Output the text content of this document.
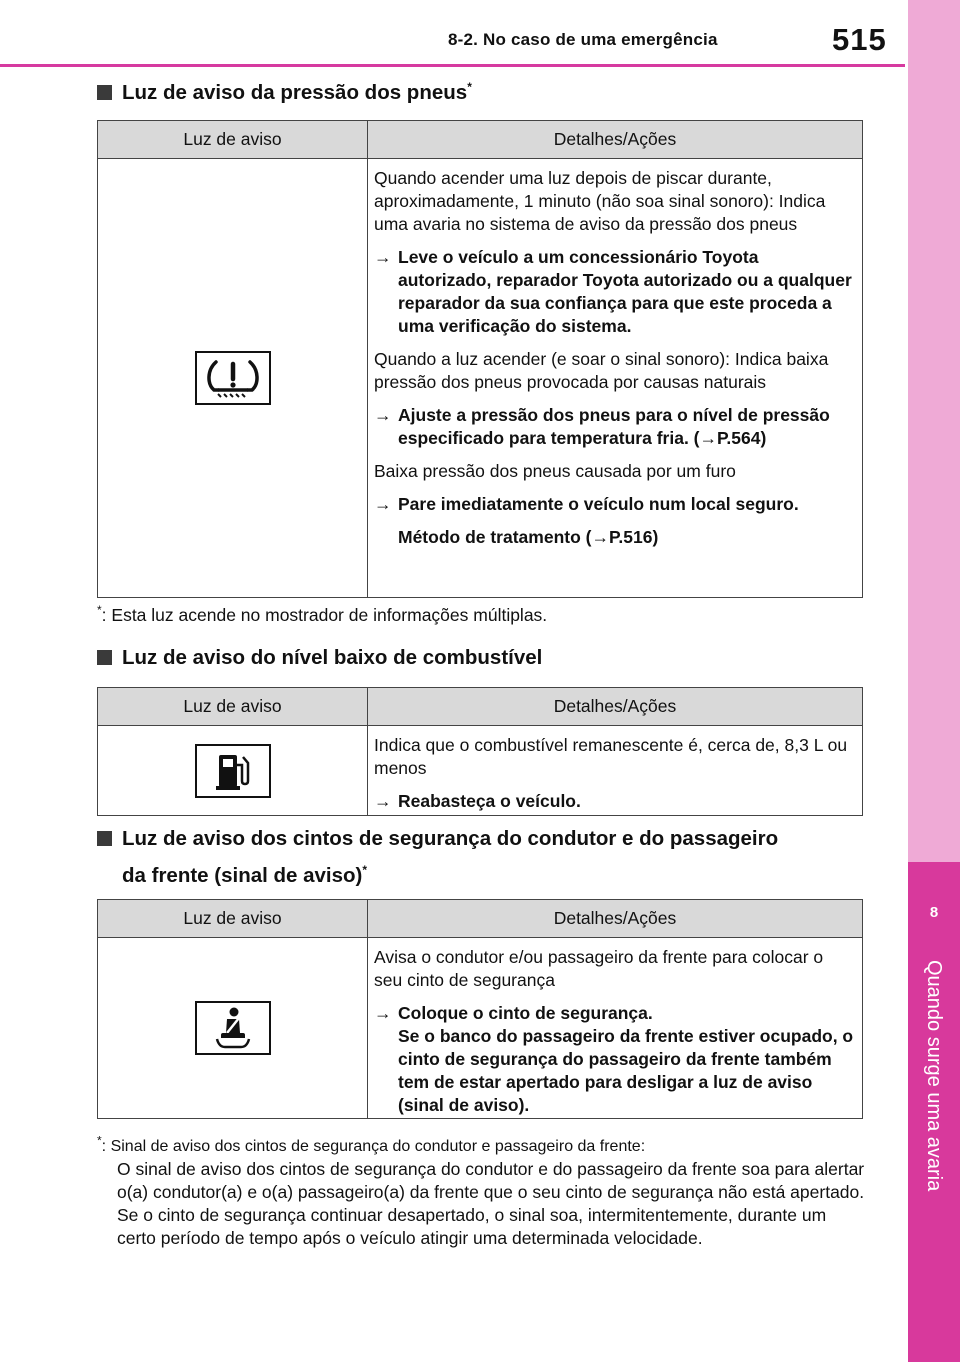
8-2. No caso de uma emergência	515
8
Quando surge uma avaria
Luz de aviso da pressão dos pneus*
Luz de aviso	Detalhes/Ações

Quando acender uma luz depois de piscar durante, aproximadamente, 1 minuto (não soa sinal sonoro): Indica uma avaria no sistema de aviso da pressão dos pneus

→ Leve o veículo a um concessionário Toyota autorizado, reparador Toyota autorizado ou a qualquer reparador da sua confiança para que este proceda a uma verificação do sistema.

Quando a luz acender (e soar o sinal sonoro): Indica baixa pressão dos pneus provocada por causas naturais

→ Ajuste a pressão dos pneus para o nível de pressão especificado para temperatura fria. (→P.564)

Baixa pressão dos pneus causada por um furo

→ Pare imediatamente o veículo num local seguro.

Método de tratamento (→P.516)

*: Esta luz acende no mostrador de informações múltiplas.
Luz de aviso do nível baixo de combustível
Luz de aviso	Detalhes/Ações

Indica que o combustível remanescente é, cerca de, 8,3 L ou menos

→ Reabasteça o veículo.

Luz de aviso dos cintos de segurança do condutor e do passageiro
da frente (sinal de aviso)*
Luz de aviso	Detalhes/Ações

Avisa o condutor e/ou passageiro da frente para colocar o seu cinto de segurança

→ Coloque o cinto de segurança.
Se o banco do passageiro da frente estiver ocupado, o cinto de segurança do passageiro da frente também tem de estar apertado para desligar a luz de aviso (sinal de aviso).

*: Sinal de aviso dos cintos de segurança do condutor e passageiro da frente:
O sinal de aviso dos cintos de segurança do condutor e do passageiro da frente soa para alertar o(a) condutor(a) e o(a) passageiro(a) da frente que o seu cinto de segurança não está apertado. Se o cinto de segurança continuar desapertado, o sinal soa, intermitentemente, durante um certo período de tempo após o veículo atingir uma determinada velocidade.
